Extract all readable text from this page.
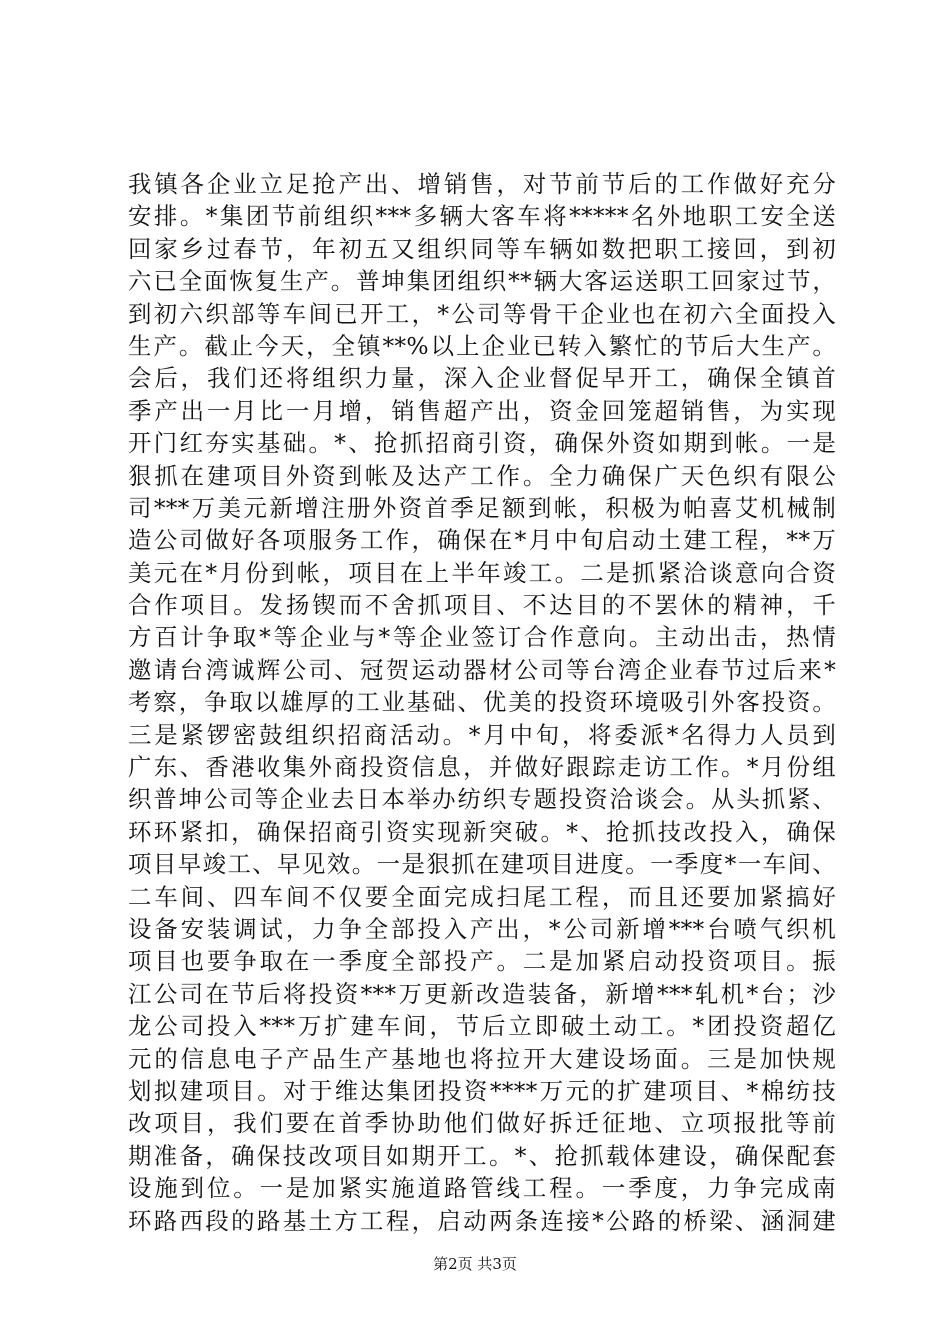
我镇各企业立足抢产出、增销售，对节前节后的工作做好充分
安排。*集团节前组织***多辆大客车将*****名外地职工安全送
回家乡过春节，年初五又组织同等车辆如数把职工接回，到初
六已全面恢复生产。普坤集团组织**辆大客运送职工回家过节，
到初六织部等车间已开工，*公司等骨干企业也在初六全面投入
生产。截止今天，全镇**%以上企业已转入繁忙的节后大生产。
会后，我们还将组织力量，深入企业督促早开工，确保全镇首
季产出一月比一月增，销售超产出，资金回笼超销售，为实现
开门红夯实基础。*、抢抓招商引资，确保外资如期到帐。一是
狠抓在建项目外资到帐及达产工作。全力确保广天色织有限公
司***万美元新增注册外资首季足额到帐，积极为帕喜艾机械制
造公司做好各项服务工作，确保在*月中旬启动土建工程，**万
美元在*月份到帐，项目在上半年竣工。二是抓紧洽谈意向合资
合作项目。发扬锲而不舍抓项目、不达目的不罢休的精神，千
方百计争取*等企业与*等企业签订合作意向。主动出击，热情
邀请台湾诚辉公司、冠贺运动器材公司等台湾企业春节过后来*
考察，争取以雄厚的工业基础、优美的投资环境吸引外客投资。
三是紧锣密鼓组织招商活动。*月中旬，将委派*名得力人员到
广东、香港收集外商投资信息，并做好跟踪走访工作。*月份组
织普坤公司等企业去日本举办纺织专题投资洽谈会。从头抓紧、
环环紧扣，确保招商引资实现新突破。*、抢抓技改投入，确保
项目早竣工、早见效。一是狠抓在建项目进度。一季度*一车间、
二车间、四车间不仅要全面完成扫尾工程，而且还要加紧搞好
设备安装调试，力争全部投入产出，*公司新增***台喷气织机
项目也要争取在一季度全部投产。二是加紧启动投资项目。振
江公司在节后将投资***万更新改造装备，新增***轧机*台；沙
龙公司投入***万扩建车间，节后立即破土动工。*团投资超亿
元的信息电子产品生产基地也将拉开大建设场面。三是加快规
划拟建项目。对于维达集团投资****万元的扩建项目、*棉纺技
改项目，我们要在首季协助他们做好拆迁征地、立项报批等前
期准备，确保技改项目如期开工。*、抢抓载体建设，确保配套
设施到位。一是加紧实施道路管线工程。一季度，力争完成南
环路西段的路基土方工程，启动两条连接*公路的桥梁、涵洞建
第2页 共3页
